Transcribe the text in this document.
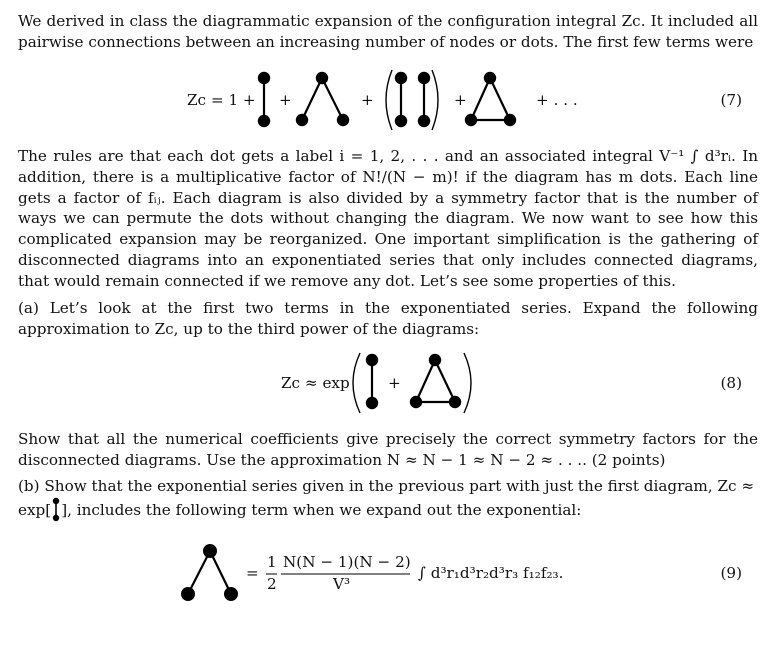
We derived in class the diagrammatic expansion of the configuration integral Zc. It included all pairwise connections between an increasing number of nodes or dots. The first few terms were
Zc = 1 + +	+	+	+ . . .	(7)
The rules are that each dot gets a label i = 1, 2, . . . and an associated integral V⁻¹ ∫ d³rᵢ. In addition, there is a multiplicative factor of N!/(N − m)! if the diagram has m dots. Each line gets a factor of fᵢⱼ. Each diagram is also divided by a symmetry factor that is the number of ways we can permute the dots without changing the diagram. We now want to see how this complicated expansion may be reorganized. One important simplification is the gathering of disconnected diagrams into an exponentiated series that only includes connected diagrams, that would remain connected if we remove any dot. Let’s see some properties of this.
(a) Let’s look at the first two terms in the exponentiated series. Expand the following approximation to Zc, up to the third power of the diagrams:
Zc ≈ exp	+	(8)
Show that all the numerical coefficients give precisely the correct symmetry factors for the disconnected diagrams. Use the approximation N ≈ N − 1 ≈ N − 2 ≈ . . .. (2 points)
(b) Show that the exponential series given in the previous part with just the first diagram, Zc ≈
exp[ ], includes the following term when we expand out the exponential:
=
1
2
N(N − 1)(N − 2)
V³
∫ d³r₁d³r₂d³r₃ f₁₂f₂₃.	(9)
